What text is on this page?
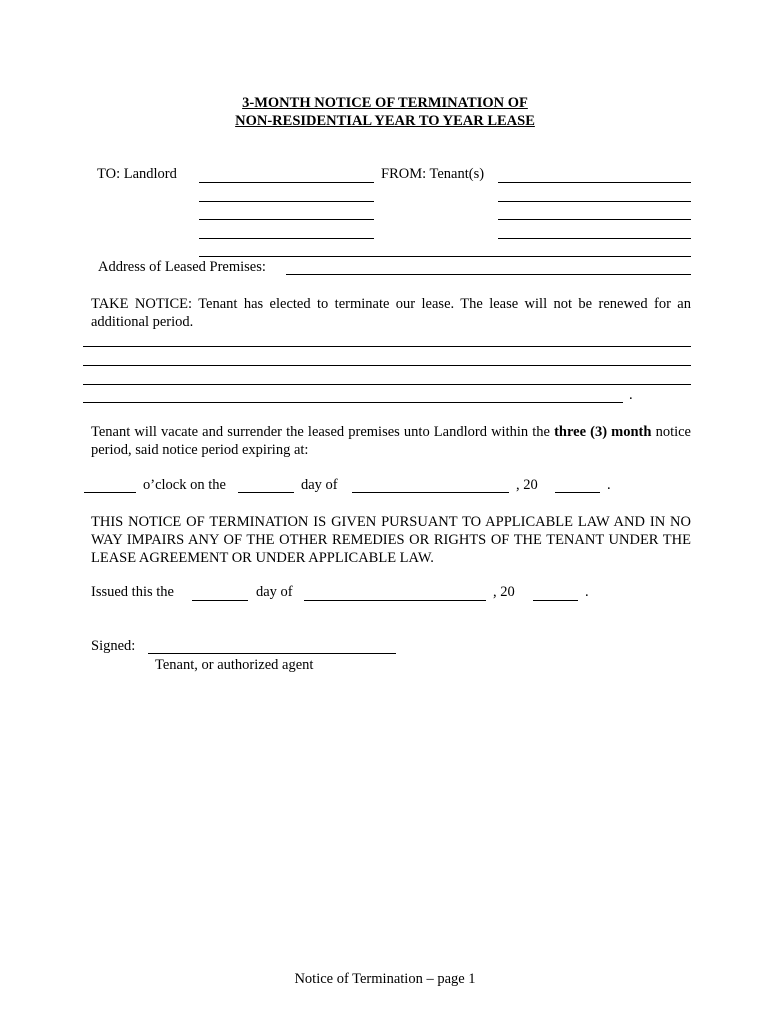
3-MONTH NOTICE OF TERMINATION OF
NON-RESIDENTIAL YEAR TO YEAR LEASE
TO: Landlord	FROM: Tenant(s)
Address of Leased Premises:
TAKE NOTICE: Tenant has elected to terminate our lease. The lease will not be renewed for an additional period.
.
Tenant will vacate and surrender the leased premises unto Landlord within the three (3) month notice period, said notice period expiring at:
o’clock on the	day of	, 20	.
THIS NOTICE OF TERMINATION IS GIVEN PURSUANT TO APPLICABLE LAW AND IN NO WAY IMPAIRS ANY OF THE OTHER REMEDIES OR RIGHTS OF THE TENANT UNDER THE LEASE AGREEMENT OR UNDER APPLICABLE LAW.
Issued this the	day of	, 20	.
Signed:
Tenant, or authorized agent
Notice of Termination – page 1
